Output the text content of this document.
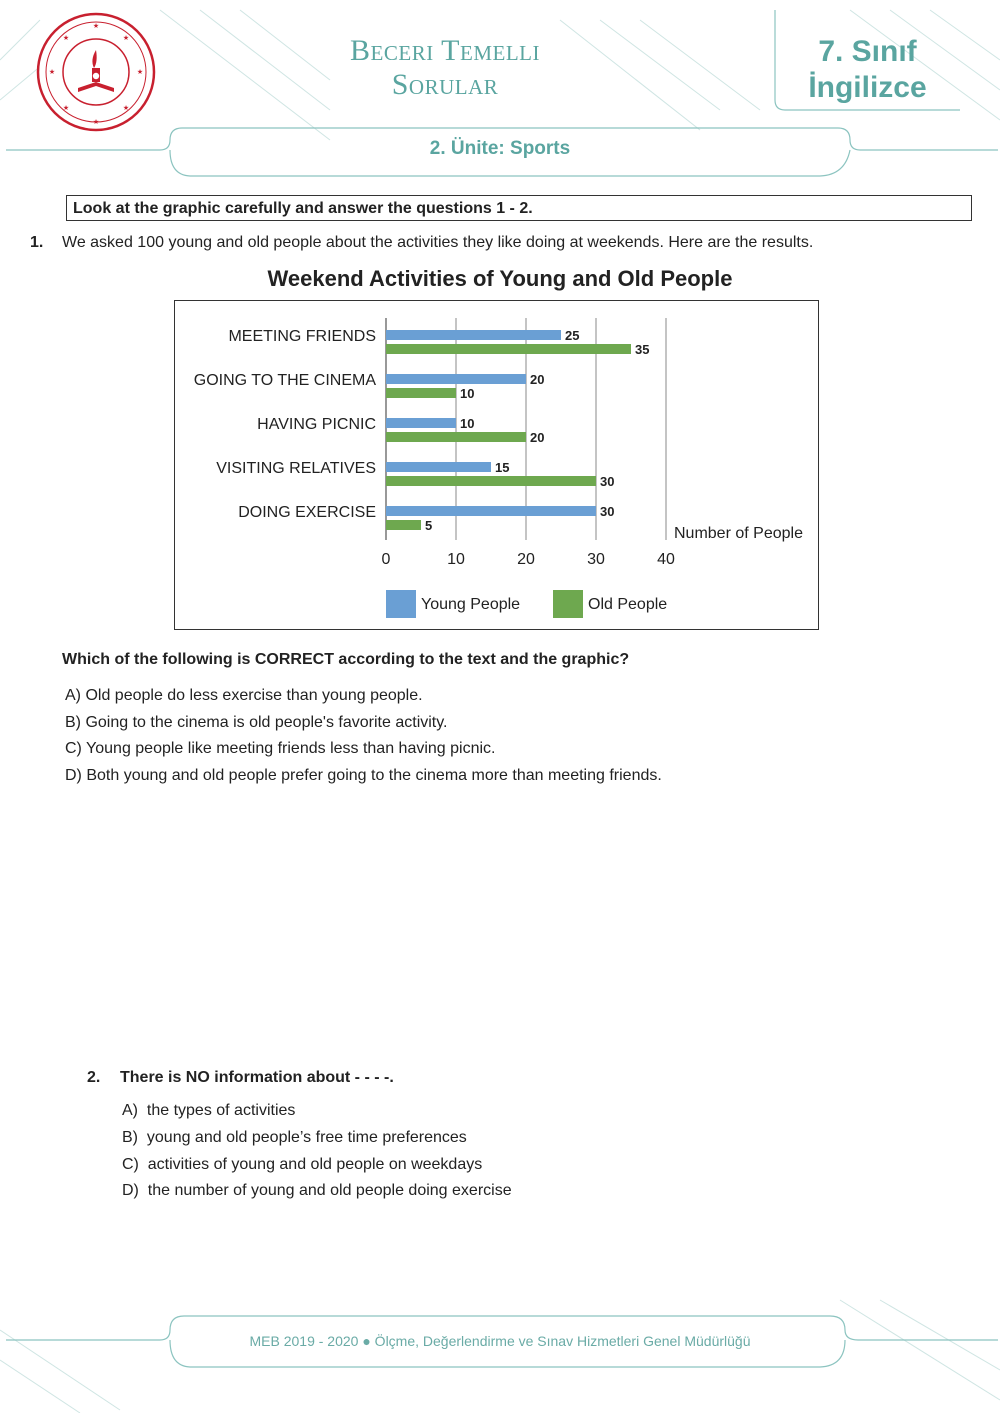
★
★	★
★	★
★	★
★
Beceri Temelli
Sorular
7. Sınıf
İngilizce
2. Ünite: Sports
Look at the graphic carefully and answer the questions 1 - 2.
1. We asked 100 young and old people about the activities they like doing at weekends. Here are the results.
Weekend Activities of Young and Old People
0	10	20	30	40
Number of People
MEETING FRIENDS	25
35
GOING TO THE CINEMA	20
10
HAVING PICNIC	10
20
VISITING RELATIVES	15
30
DOING EXERCISE	30
5
Young People	Old People
Which of the following is CORRECT according to the text and the graphic?
A) Old people do less exercise than young people.
B) Going to the cinema is old people's favorite activity.
C) Young people like meeting friends less than having picnic.
D) Both young and old people prefer going to the cinema more than meeting friends.
2. There is NO information about - - - -.
A) the types of activities
B) young and old people’s free time preferences
C) activities of young and old people on weekdays
D) the number of young and old people doing exercise
MEB 2019 - 2020 ● Ölçme, Değerlendirme ve Sınav Hizmetleri Genel Müdürlüğü
